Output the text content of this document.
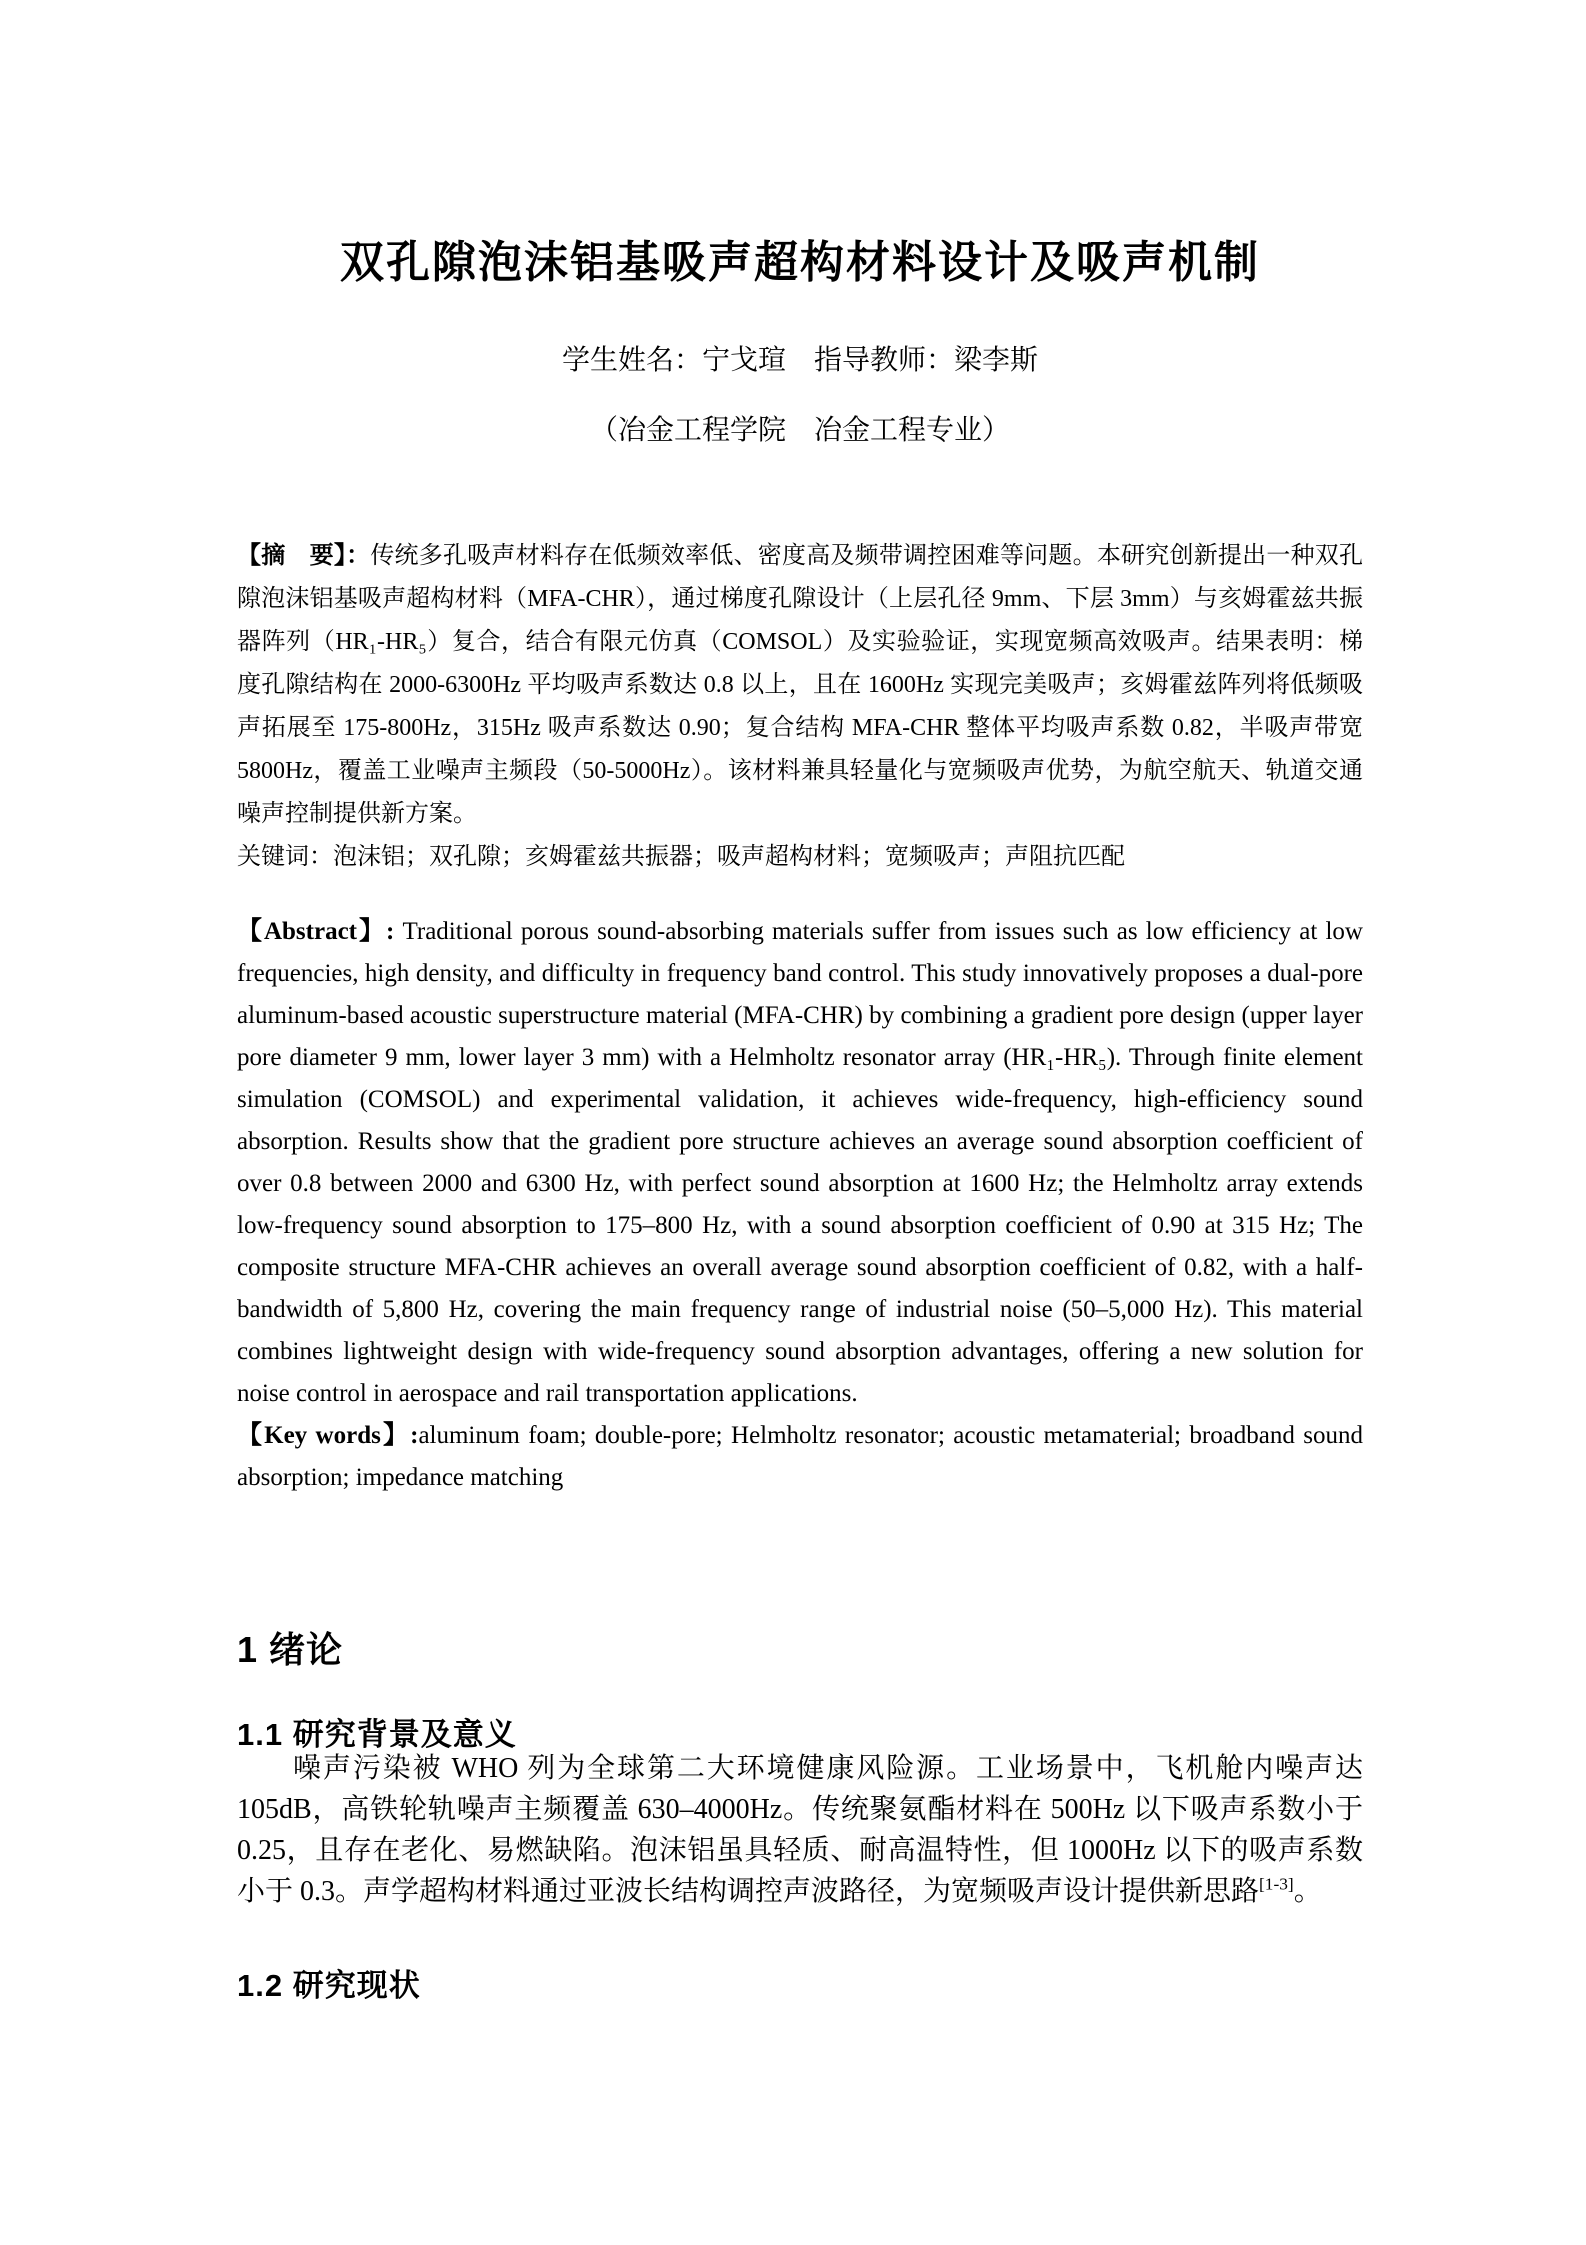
双孔隙泡沫铝基吸声超构材料设计及吸声机制
学生姓名：宁戈瑄 指导教师：梁李斯
（冶金工程学院　冶金工程专业）

【摘　要】：传统多孔吸声材料存在低频效率低、密度高及频带调控困难等问题。本研究创新提出一种双孔隙泡沫铝基吸声超构材料（MFA-CHR），通过梯度孔隙设计（上层孔径 9mm、下层 3mm）与亥姆霍兹共振器阵列（HR₁-HR₅）复合，结合有限元仿真（COMSOL）及实验验证，实现宽频高效吸声。结果表明：梯度孔隙结构在 2000-6300Hz 平均吸声系数达 0.8 以上，且在 1600Hz 实现完美吸声；亥姆霍兹阵列将低频吸声拓展至 175-800Hz，315Hz 吸声系数达 0.90；复合结构 MFA-CHR 整体平均吸声系数 0.82，半吸声带宽 5800Hz，覆盖工业噪声主频段（50-5000Hz）。该材料兼具轻量化与宽频吸声优势，为航空航天、轨道交通噪声控制提供新方案。

关键词：泡沫铝；双孔隙；亥姆霍兹共振器；吸声超构材料；宽频吸声；声阻抗匹配

【Abstract】: Traditional porous sound-absorbing materials suffer from issues such as low efficiency at low frequencies, high density, and difficulty in frequency band control. This study innovatively proposes a dual-pore aluminum-based acoustic superstructure material (MFA-CHR) by combining a gradient pore design (upper layer pore diameter 9 mm, lower layer 3 mm) with a Helmholtz resonator array (HR₁-HR₅). Through finite element simulation (COMSOL) and experimental validation, it achieves wide-frequency, high-efficiency sound absorption. Results show that the gradient pore structure achieves an average sound absorption coefficient of over 0.8 between 2000 and 6300 Hz, with perfect sound absorption at 1600 Hz; the Helmholtz array extends low-frequency sound absorption to 175–800 Hz, with a sound absorption coefficient of 0.90 at 315 Hz; The composite structure MFA-CHR achieves an overall average sound absorption coefficient of 0.82, with a half-bandwidth of 5,800 Hz, covering the main frequency range of industrial noise (50–5,000 Hz). This material combines lightweight design with wide-frequency sound absorption advantages, offering a new solution for noise control in aerospace and rail transportation applications.

【Key words】:aluminum foam; double-pore; Helmholtz resonator; acoustic metamaterial; broadband sound absorption; impedance matching

1 绪论
1.1 研究背景及意义

噪声污染被 WHO 列为全球第二大环境健康风险源。工业场景中，飞机舱内噪声达 105dB，高铁轮轨噪声主频覆盖 630–4000Hz。传统聚氨酯材料在 500Hz 以下吸声系数小于 0.25，且存在老化、易燃缺陷。泡沫铝虽具轻质、耐高温特性，但 1000Hz 以下的吸声系数小于 0.3。声学超构材料通过亚波长结构调控声波路径，为宽频吸声设计提供新思路[1-3]。

1.2 研究现状
